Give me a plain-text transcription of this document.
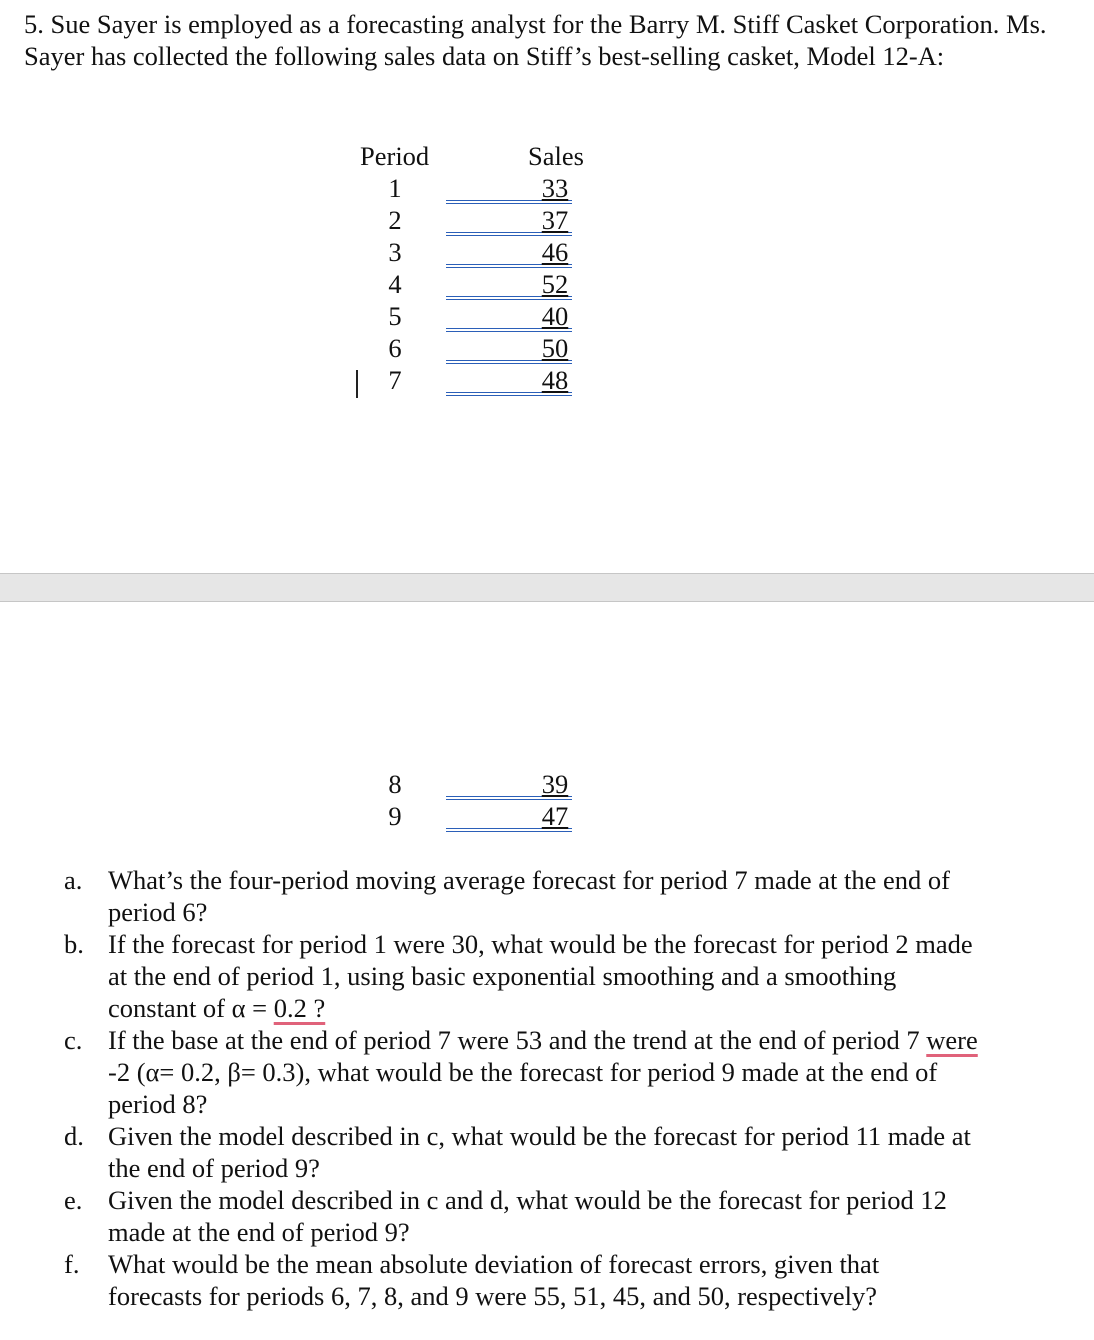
5. Sue Sayer is employed as a forecasting analyst for the Barry M. Stiff Casket Corporation. Ms. Sayer has collected the following sales data on Stiff’s best-selling casket, Model 12-A:

Period	Sales
1	33
2	37
3	46
4	52
5	40
6	50
7	48
8	39
9	47
a. What’s the four-period moving average forecast for period 7 made at the end of period 6?
b. If the forecast for period 1 were 30, what would be the forecast for period 2 made at the end of period 1, using basic exponential smoothing and a smoothing constant of α = 0.2 ?
c. If the base at the end of period 7 were 53 and the trend at the end of period 7 were -2 (α= 0.2, β= 0.3), what would be the forecast for period 9 made at the end of period 8?
d. Given the model described in c, what would be the forecast for period 11 made at the end of period 9?
e. Given the model described in c and d, what would be the forecast for period 12 made at the end of period 9?
f.	What would be the mean absolute deviation of forecast errors, given that forecasts for periods 6, 7, 8, and 9 were 55, 51, 45, and 50, respectively?
